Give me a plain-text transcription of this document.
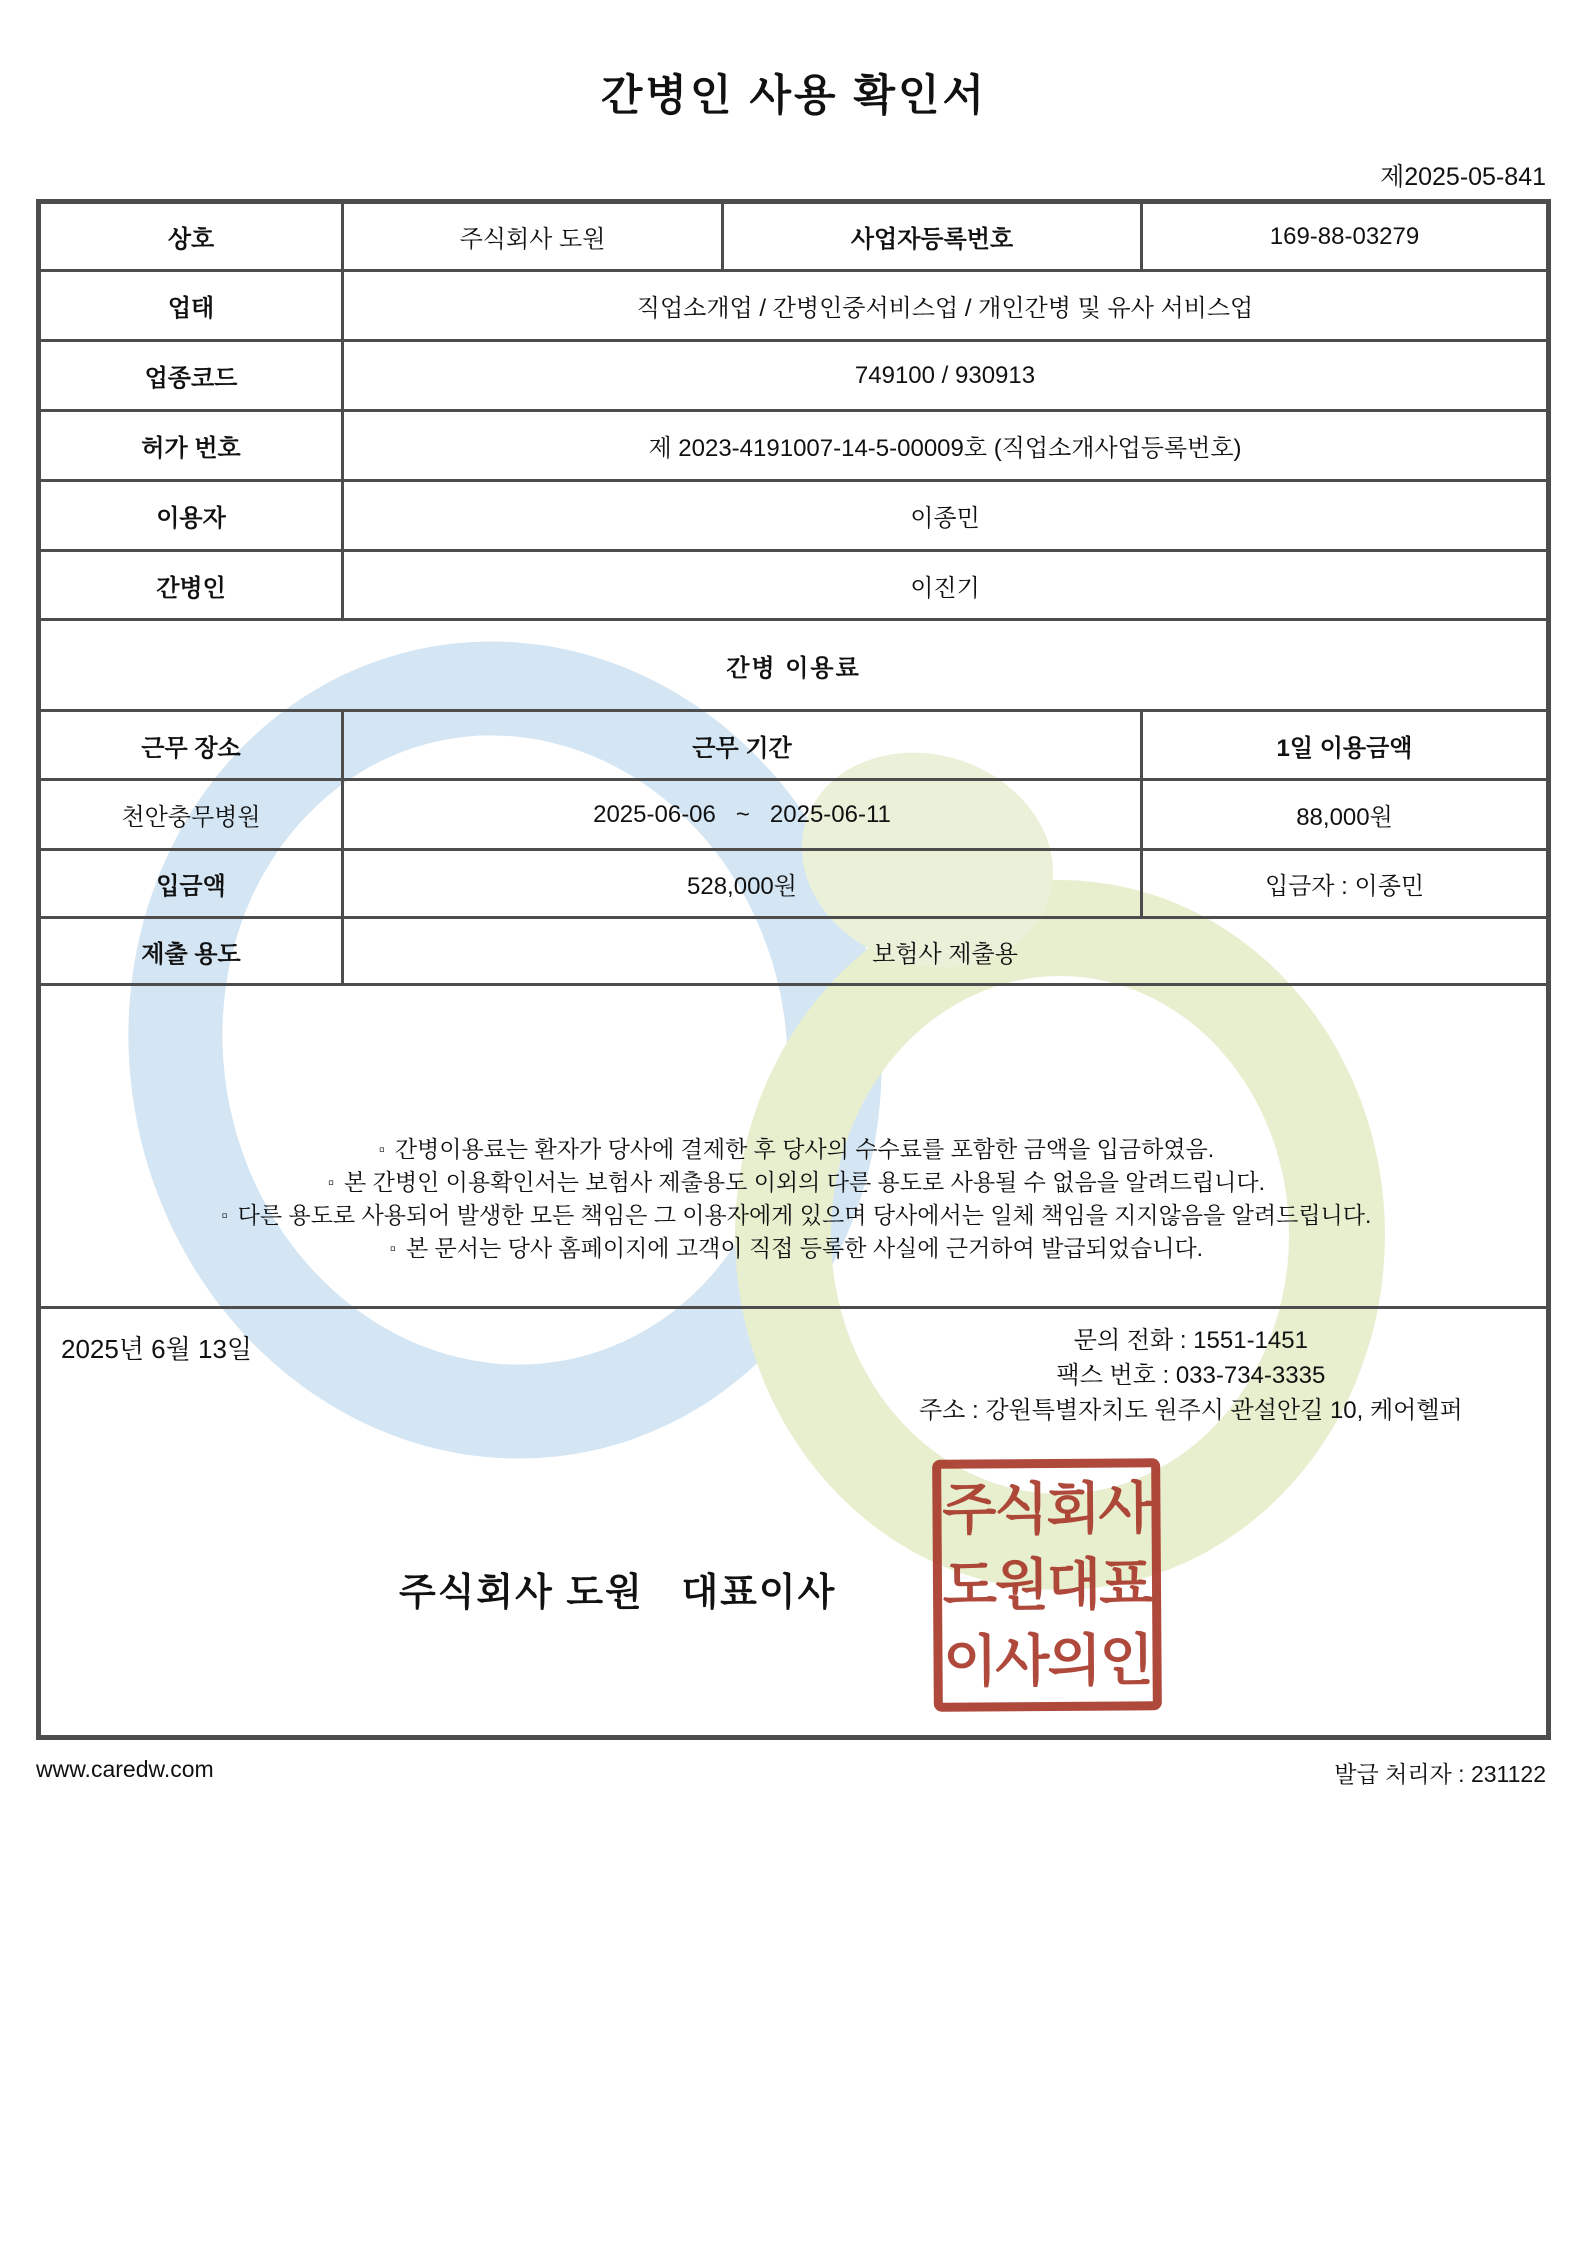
간병인 사용 확인서
제2025-05-841
상호	주식회사 도원	사업자등록번호	169-88-03279
업태	직업소개업 / 간병인중서비스업 / 개인간병 및 유사 서비스업		
업종코드	749100 / 930913		
허가 번호	제 2023-4191007-14-5-00009호 (직업소개사업등록번호)		
이용자	이종민		
간병인	이진기		
간병 이용료			
근무 장소	근무 기간		1일 이용금액
천안충무병원	2025-06-06   ~   2025-06-11		88,000원
입금액	528,000원		입금자 : 이종민
제출 용도	보험사 제출용		

▫ 간병이용료는 환자가 당사에 결제한 후 당사의 수수료를 포함한 금액을 입금하였음.
▫ 본 간병인 이용확인서는 보험사 제출용도 이외의 다른 용도로 사용될 수 없음을 알려드립니다.
▫ 다른 용도로 사용되어 발생한 모든 책임은 그 이용자에게 있으며 당사에서는 일체 책임을 지지않음을 알려드립니다.
▫ 본 문서는 당사 홈페이지에 고객이 직접 등록한 사실에 근거하여 발급되었습니다.			

2025년 6월 13일	문의 전화 : 1551-1451
팩스 번호 : 033-734-3335
주소 : 강원특별자치도 원주시 관설안길 10, 케어헬퍼
주식회사 도원   대표이사
주식회사
도원대표
이사의인
www.caredw.com	발급 처리자 : 231122
